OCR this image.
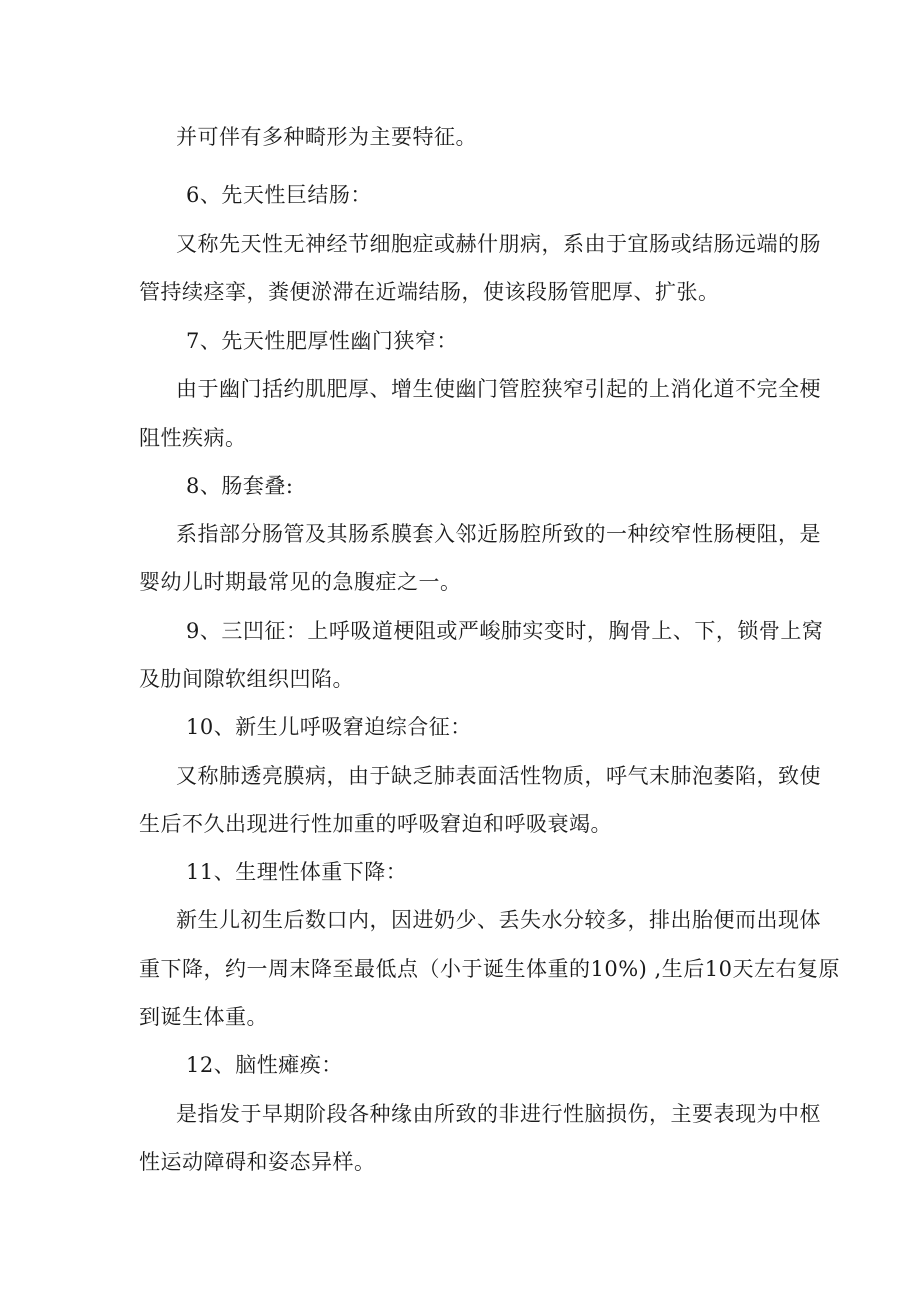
并可伴有多种畸形为主要特征。
6、先天性巨结肠：
又称先天性无神经节细胞症或赫什朋病，系由于宜肠或结肠远端的肠
管持续痉挛，粪便淤滞在近端结肠，使该段肠管肥厚、扩张。
7、先天性肥厚性幽门狭窄：
由于幽门括约肌肥厚、增生使幽门管腔狭窄引起的上消化道不完全梗
阻性疾病。
8、肠套叠:
系指部分肠管及其肠系膜套入邻近肠腔所致的一种绞窄性肠梗阻，是
婴幼儿时期最常见的急腹症之一。
9、三凹征：上呼吸道梗阻或严峻肺实变时，胸骨上、下，锁骨上窝
及肋间隙软组织凹陷。
10、新生儿呼吸窘迫综合征：
又称肺透亮膜病，由于缺乏肺表面活性物质，呼气末肺泡萎陷，致使
生后不久出现进行性加重的呼吸窘迫和呼吸衰竭。
11、生理性体重下降：
新生儿初生后数口内，因进奶少、丢失水分较多，排出胎便而出现体
重下降，约一周末降至最低点（小于诞生体重的10%) ,生后10天左右复原
到诞生体重。
12、脑性瘫痪：
是指发于早期阶段各种缘由所致的非进行性脑损伤，主要表现为中枢
性运动障碍和姿态异样。
